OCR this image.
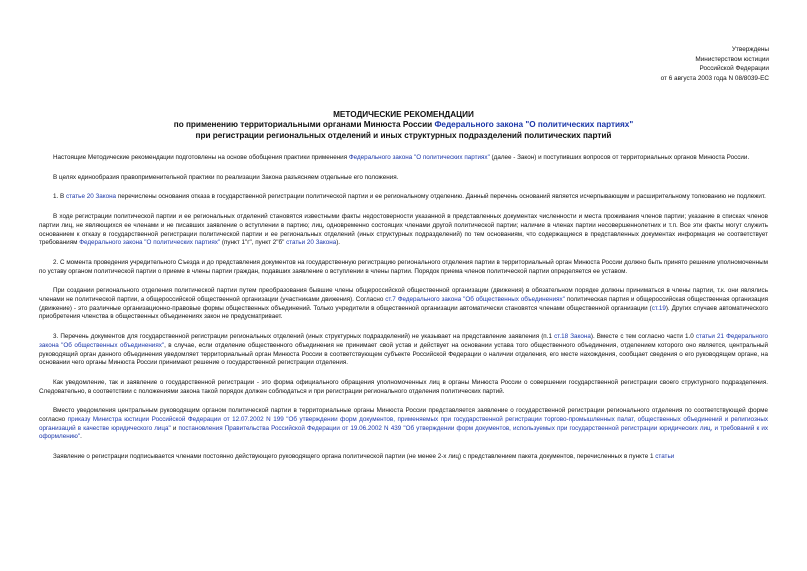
Утверждены
Министерством юстиции
Российской Федерации
от 6 августа 2003 года N 08/8039-ЕС
МЕТОДИЧЕСКИЕ РЕКОМЕНДАЦИИ
по применению территориальными органами Минюста России Федерального закона "О политических партиях"
при регистрации региональных отделений и иных структурных подразделений политических партий

Настоящие Методические рекомендации подготовлены на основе обобщения практики применения Федерального закона "О политических партиях" (далее - Закон) и поступивших вопросов от территориальных органов Минюста России.

В целях единообразия правоприменительной практики по реализации Закона разъясняем отдельные его положения.

1. В статье 20 Закона перечислены основания отказа в государственной регистрации политической партии и ее региональному отделению. Данный перечень оснований является исчерпывающим и расширительному толкованию не подлежит.

В ходе регистрации политической партии и ее региональных отделений становятся известными факты недостоверности указанной в представленных документах численности и места проживания членов партии; указание в списках членов партии лиц, не являющихся ее членами и не писавших заявление о вступлении в партию; лиц, одновременно состоящих членами другой политической партии; наличие в членах партии несовершеннолетних и т.п. Все эти факты могут служить основанием к отказу в государственной регистрации политической партии и ее региональных отделений (иных структурных подразделений) по тем основаниям, что содержащиеся в представленных документах информация не соответствует требованиям Федерального закона "О политических партиях" (пункт 1"г", пункт 2"б" статьи 20 Закона).

2. С момента проведения учредительного Съезда и до представления документов на государственную регистрацию регионального отделения партии в территориальный орган Минюста России должно быть принято решение уполномоченным по уставу органом политической партии о приеме в члены партии граждан, подавших заявление о вступлении в члены партии. Порядок приема членов политической партии определяется ее уставом.

При создании регионального отделения политической партии путем преобразования бывшие члены общероссийской общественной организации (движения) в обязательном порядке должны приниматься в члены партии, т.к. они являлись членами не политической партии, а общероссийской общественной организации (участниками движения). Согласно ст.7 Федерального закона "Об общественных объединениях" политическая партия и общероссийская общественная организация (движение) - это различные организационно-правовые формы общественных объединений. Только учредители в общественной организации автоматически становятся членами общественной организации (ст.19). Других случаев автоматического приобретения членства в общественных объединениях закон не предусматривает.

3. Перечень документов для государственной регистрации региональных отделений (иных структурных подразделений) не указывает на представление заявления (п.1 ст.18 Закона). Вместе с тем согласно части 1.0 статьи 21 Федерального закона "Об общественных объединениях", в случае, если отделение общественного объединения не принимает свой устав и действует на основании устава того общественного объединения, отделением которого оно является, центральный руководящий орган данного объединения уведомляет территориальный орган Минюста России в соответствующем субъекте Российской Федерации о наличии отделения, его месте нахождения, сообщает сведения о его руководящем органе, на основании чего органы Минюста России принимают решение о государственной регистрации отделения.

Как уведомление, так и заявление о государственной регистрации - это форма официального обращения уполномоченных лиц в органы Минюста России о совершении государственной регистрации своего структурного подразделения. Следовательно, в соответствии с положениями закона такой порядок должен соблюдаться и при регистрации регионального отделения политических партий.

Вместо уведомления центральным руководящим органом политической партии в территориальные органы Минюста России представляется заявление о государственной регистрации регионального отделения по соответствующей форме согласно приказу Министра юстиции Российской Федерации от 12.07.2002 N 199 "Об утверждении форм документов, применяемых при государственной регистрации торгово-промышленных палат, общественных объединений и религиозных организаций в качестве юридического лица" и постановления Правительства Российской Федерации от 19.06.2002 N 439 "Об утверждении форм документов, используемых при государственной регистрации юридических лиц, и требований к их оформлению".

Заявление о регистрации подписывается членами постоянно действующего руководящего органа политической партии (не менее 2-х лиц) с представлением пакета документов, перечисленных в пункте 1 статьи
